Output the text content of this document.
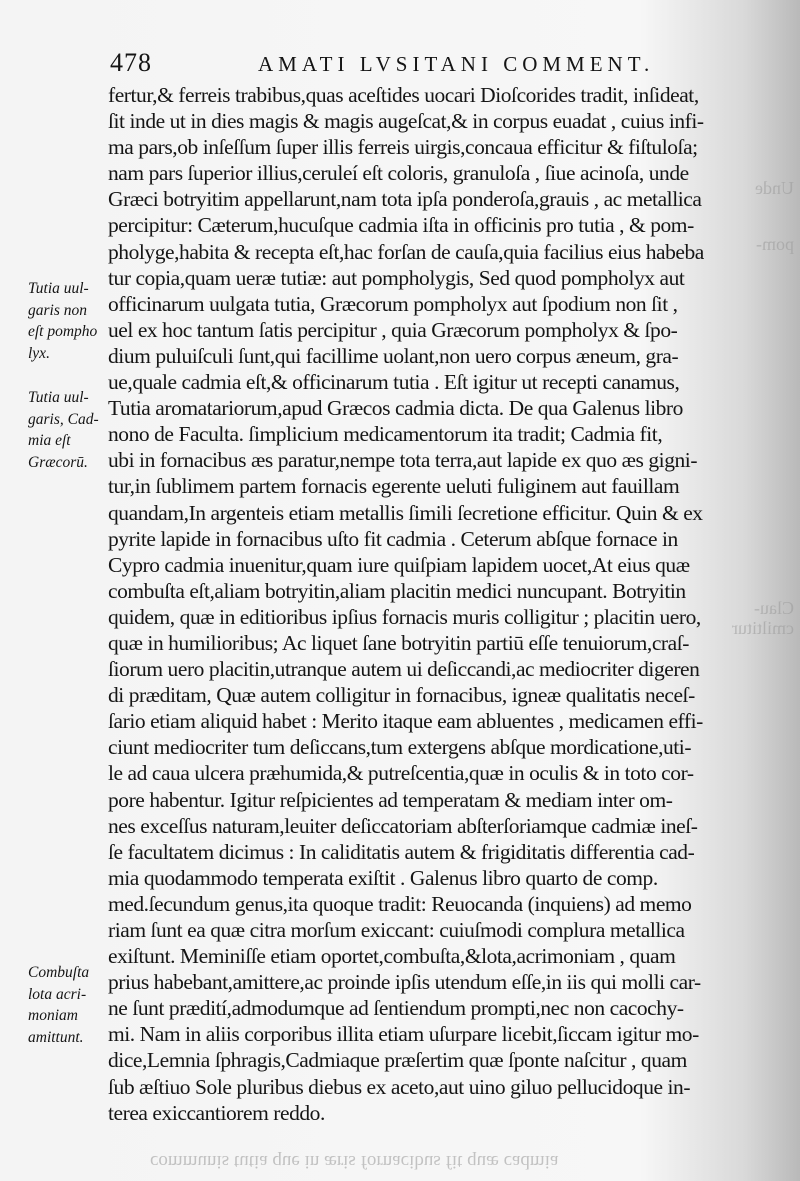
478	AMATI LVSITANI COMMENT.
fertur,& ferreis trabibus,quas aceſtides uocari Dioſcorides tradit, inſideat,
ſit inde ut in dies magis & magis augeſcat,& in corpus euadat , cuius infi-
ma pars,ob inſeſſum ſuper illis ferreis uirgis,concaua efficitur & fiſtuloſa;
nam pars ſuperior illius,ceruleí eſt coloris, granuloſa , ſiue acinoſa, unde
Græci botryitim appellarunt,nam tota ipſa ponderoſa,grauis , ac metallica
percipitur: Cæterum,hucuſque cadmia iſta in officinis pro tutia , & pom-
pholyge,habita & recepta eſt,hac forſan de cauſa,quia facilius eius habeba
tur copia,quam ueræ tutiæ: aut pompholygis, Sed quod pompholyx aut
officinarum uulgata tutia, Græcorum pompholyx aut ſpodium non ſit ,
uel ex hoc tantum ſatis percipitur , quia Græcorum pompholyx & ſpo-
dium puluiſculi ſunt,qui facillime uolant,non uero corpus æneum, gra-
ue,quale cadmia eſt,& officinarum tutia . Eſt igitur ut recepti canamus,
Tutia aromatariorum,apud Græcos cadmia dicta. De qua Galenus libro
nono de Faculta. ſimplicium medicamentorum ita tradit; Cadmia fit,
ubi in fornacibus æs paratur,nempe tota terra,aut lapide ex quo æs gigni-
tur,in ſublimem partem fornacis egerente ueluti fuliginem aut fauillam
quandam,In argenteis etiam metallis ſimili ſecretione efficitur. Quin & ex
pyrite lapide in fornacibus uſto fit cadmia . Ceterum abſque fornace in
Cypro cadmia inuenitur,quam iure quiſpiam lapidem uocet,At eius quæ
combuſta eſt,aliam botryitin,aliam placitin medici nuncupant. Botryitin
quidem, quæ in editioribus ipſius fornacis muris colligitur ; placitin uero,
quæ in humilioribus; Ac liquet ſane botryitin partiū eſſe tenuiorum,craſ-
ſiorum uero placitin,utranque autem ui deſiccandi,ac mediocriter digeren
di præditam, Quæ autem colligitur in fornacibus, igneæ qualitatis neceſ-
ſario etiam aliquid habet : Merito itaque eam abluentes , medicamen effi-
ciunt mediocriter tum deſiccans,tum extergens abſque mordicatione,uti-
le ad caua ulcera præhumida,& putreſcentia,quæ in oculis & in toto cor-
pore habentur. Igitur reſpicientes ad temperatam & mediam inter om-
nes exceſſus naturam,leuiter deſiccatoriam abſterſoriamque cadmiæ ineſ-
ſe facultatem dicimus : In caliditatis autem & frigiditatis differentia cad-
mia quodammodo temperata exiſtit . Galenus libro quarto de comp.
med.ſecundum genus,ita quoque tradit: Reuocanda (inquiens) ad memo
riam ſunt ea quæ citra morſum exiccant: cuiuſmodi complura metallica
exiſtunt. Meminiſſe etiam oportet,combuſta,&lota,acrimoniam , quam
prius habebant,amittere,ac proinde ipſis utendum eſſe,in iis qui molli car-
ne ſunt prædití,admodumque ad ſentiendum prompti,nec non cacochy-
mi. Nam in aliis corporibus illita etiam uſurpare licebit,ſiccam igitur mo-
dice,Lemnia ſphragis,Cadmiaque præſertim quæ ſponte naſcitur , quam
ſub æſtiuo Sole pluribus diebus ex aceto,aut uino giluo pellucidoque in-
terea exiccantiorem reddo.
Tutia uul-
garis non
eſt pompho
lyx.
Tutia uul-
garis, Cad-
mia eſt
Græcorū.
Combuſta
lota acri-
moniam
amittunt.
Unde
pom-
Clau-
cmiltitur
communis tutia que in æris fornacibus fit quæ cadmia
